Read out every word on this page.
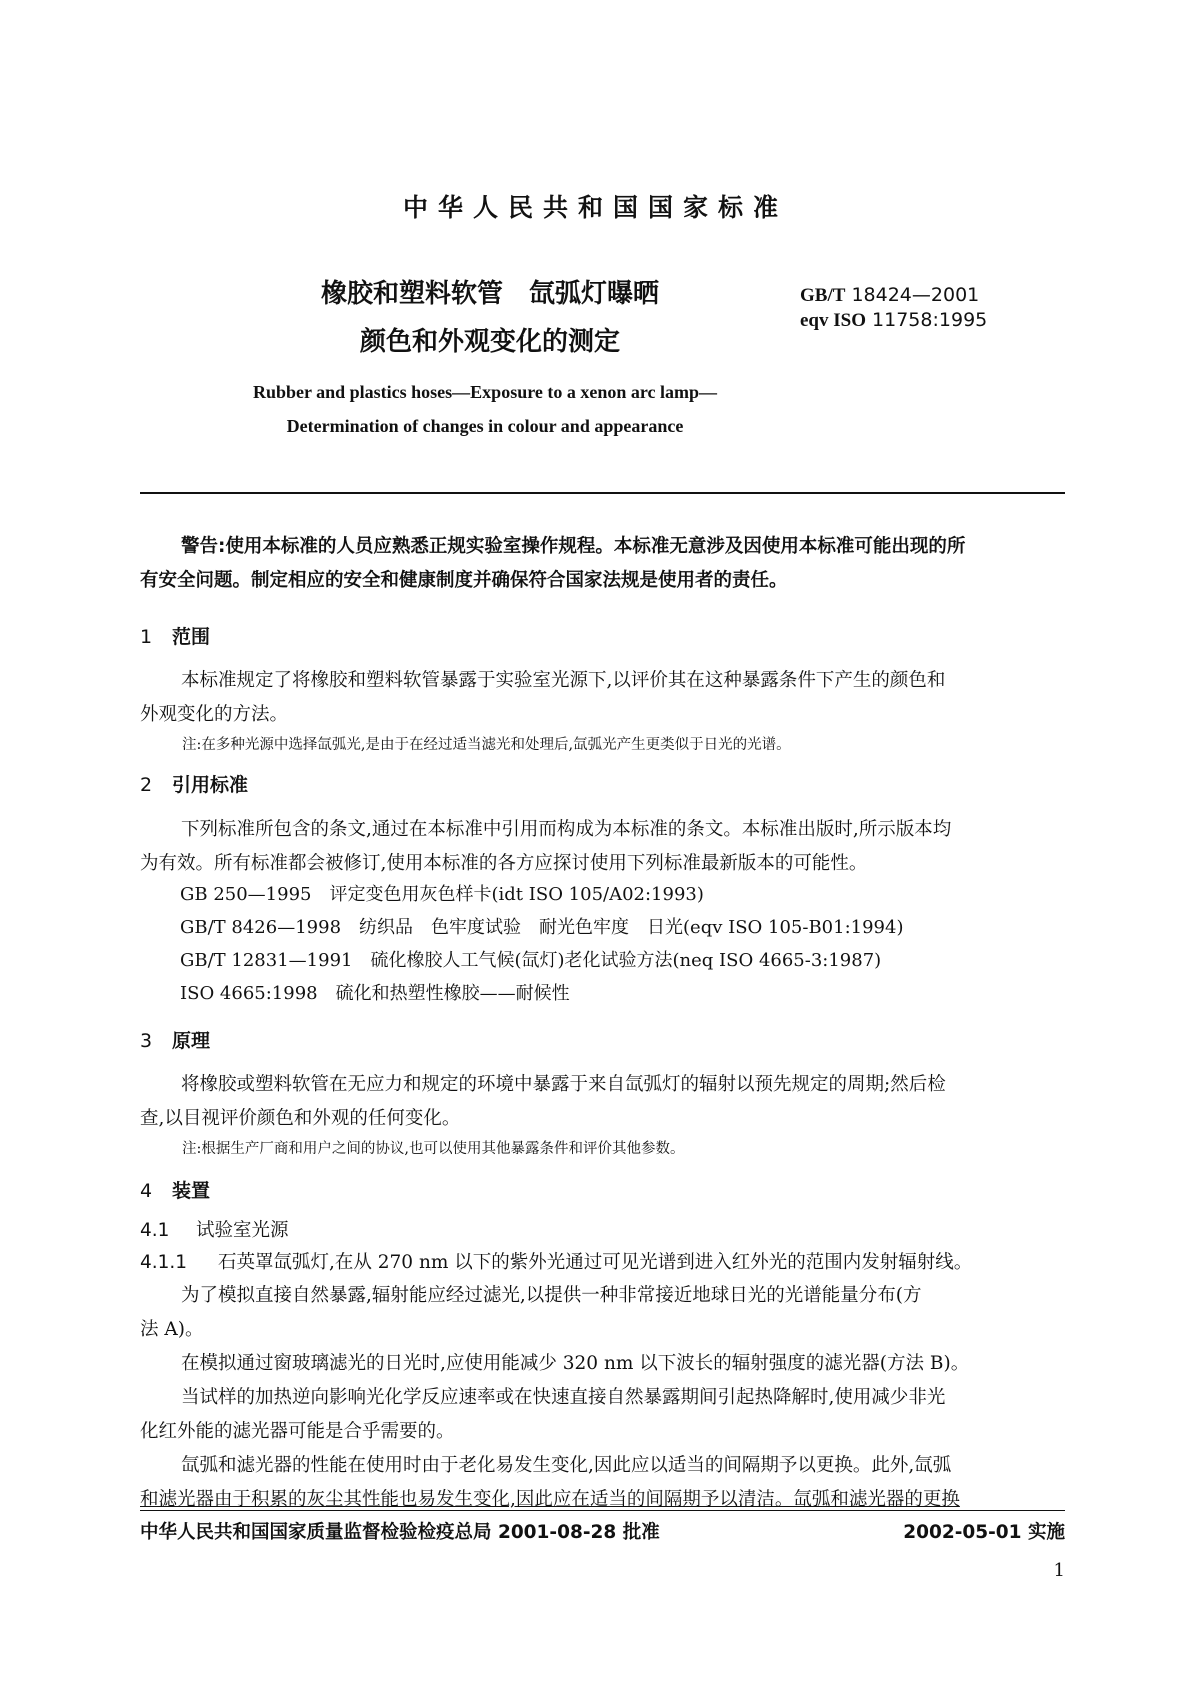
中华人民共和国国家标准
橡胶和塑料软管　氙弧灯曝晒
颜色和外观变化的测定
GB/T 18424—2001
eqv ISO 11758:1995
Rubber and plastics hoses—Exposure to a xenon arc lamp—
Determination of changes in colour and appearance
警告:使用本标准的人员应熟悉正规实验室操作规程。本标准无意涉及因使用本标准可能出现的所
有安全问题。制定相应的安全和健康制度并确保符合国家法规是使用者的责任。
1 范围
本标准规定了将橡胶和塑料软管暴露于实验室光源下,以评价其在这种暴露条件下产生的颜色和
外观变化的方法。
注:在多种光源中选择氙弧光,是由于在经过适当滤光和处理后,氙弧光产生更类似于日光的光谱。
2 引用标准
下列标准所包含的条文,通过在本标准中引用而构成为本标准的条文。本标准出版时,所示版本均
为有效。所有标准都会被修订,使用本标准的各方应探讨使用下列标准最新版本的可能性。
GB 250—1995　评定变色用灰色样卡(idt ISO 105/A02:1993)
GB/T 8426—1998　纺织品　色牢度试验　耐光色牢度　日光(eqv ISO 105-B01:1994)
GB/T 12831—1991　硫化橡胶人工气候(氙灯)老化试验方法(neq ISO 4665-3:1987)
ISO 4665:1998　硫化和热塑性橡胶——耐候性
3 原理
将橡胶或塑料软管在无应力和规定的环境中暴露于来自氙弧灯的辐射以预先规定的周期;然后检
查,以目视评价颜色和外观的任何变化。
注:根据生产厂商和用户之间的协议,也可以使用其他暴露条件和评价其他参数。
4 装置
4.1 试验室光源
4.1.1 石英罩氙弧灯,在从 270 nm 以下的紫外光通过可见光谱到进入红外光的范围内发射辐射线。
为了模拟直接自然暴露,辐射能应经过滤光,以提供一种非常接近地球日光的光谱能量分布(方
法 A)。
在模拟通过窗玻璃滤光的日光时,应使用能减少 320 nm 以下波长的辐射强度的滤光器(方法 B)。
当试样的加热逆向影响光化学反应速率或在快速直接自然暴露期间引起热降解时,使用减少非光
化红外能的滤光器可能是合乎需要的。
氙弧和滤光器的性能在使用时由于老化易发生变化,因此应以适当的间隔期予以更换。此外,氙弧
和滤光器由于积累的灰尘其性能也易发生变化,因此应在适当的间隔期予以清洁。氙弧和滤光器的更换
中华人民共和国国家质量监督检验检疫总局 2001-08-28 批准	2002-05-01 实施
1
